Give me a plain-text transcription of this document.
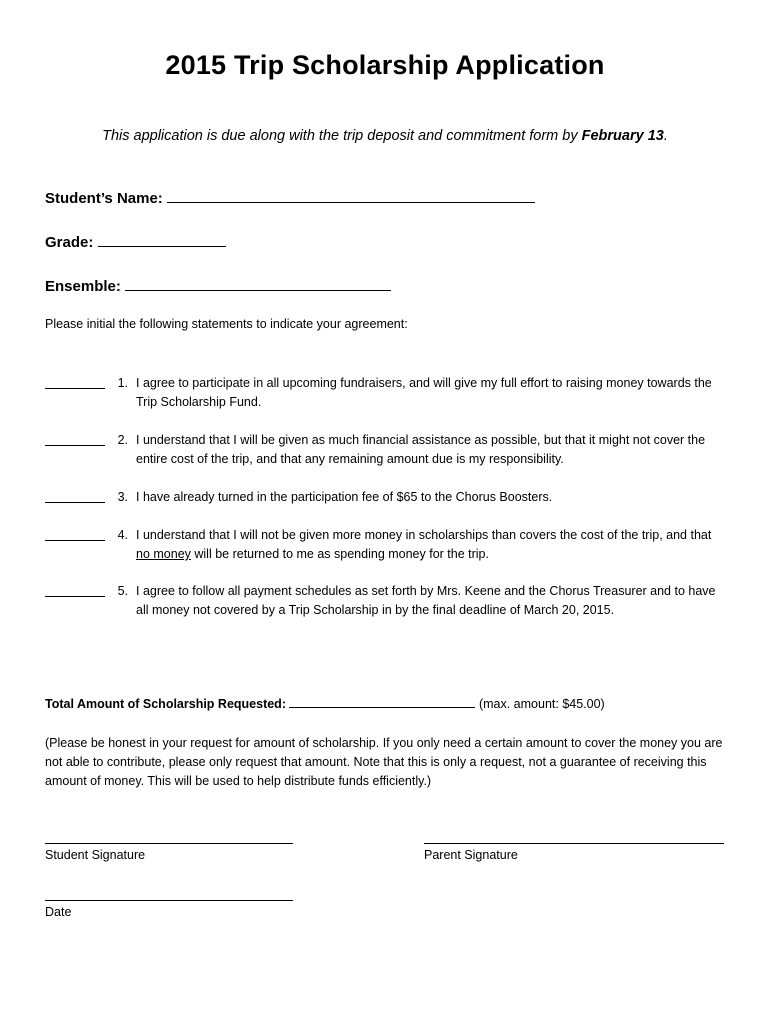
2015 Trip Scholarship Application
This application is due along with the trip deposit and commitment form by February 13.
Student’s Name:
Grade:
Ensemble:
Please initial the following statements to indicate your agreement:
1. I agree to participate in all upcoming fundraisers, and will give my full effort to raising money towards the Trip Scholarship Fund.
2. I understand that I will be given as much financial assistance as possible, but that it might not cover the entire cost of the trip, and that any remaining amount due is my responsibility.
3. I have already turned in the participation fee of $65 to the Chorus Boosters.
4. I understand that I will not be given more money in scholarships than covers the cost of the trip, and that no money will be returned to me as spending money for the trip.
5. I agree to follow all payment schedules as set forth by Mrs. Keene and the Chorus Treasurer and to have all money not covered by a Trip Scholarship in by the final deadline of March 20, 2015.
Total Amount of Scholarship Requested:	(max. amount: $45.00)
(Please be honest in your request for amount of scholarship. If you only need a certain amount to cover the money you are not able to contribute, please only request that amount. Note that this is only a request, not a guarantee of receiving this amount of money. This will be used to help distribute funds efficiently.)
Student Signature	Parent Signature
Date
